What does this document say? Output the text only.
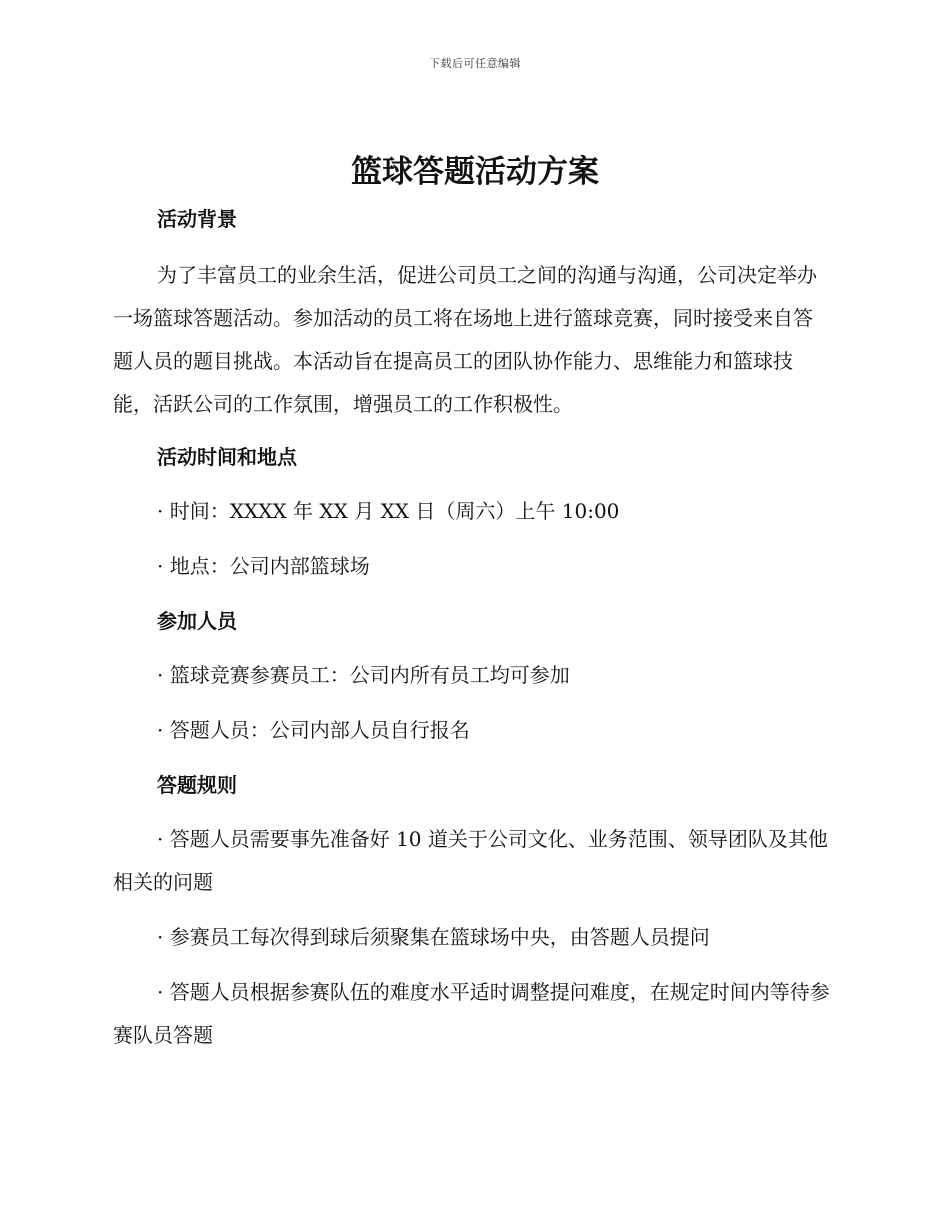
下载后可任意编辑
篮球答题活动方案
活动背景
为了丰富员工的业余生活，促进公司员工之间的沟通与沟通，公司决定举办一场篮球答题活动。参加活动的员工将在场地上进行篮球竞赛，同时接受来自答题人员的题目挑战。本活动旨在提高员工的团队协作能力、思维能力和篮球技能，活跃公司的工作氛围，增强员工的工作积极性。
活动时间和地点
· 时间：XXXX 年 XX 月 XX 日（周六）上午 10:00
· 地点：公司内部篮球场
参加人员
· 篮球竞赛参赛员工：公司内所有员工均可参加
· 答题人员：公司内部人员自行报名
答题规则
· 答题人员需要事先准备好 10 道关于公司文化、业务范围、领导团队及其他相关的问题
· 参赛员工每次得到球后须聚集在篮球场中央，由答题人员提问
· 答题人员根据参赛队伍的难度水平适时调整提问难度，在规定时间内等待参赛队员答题
